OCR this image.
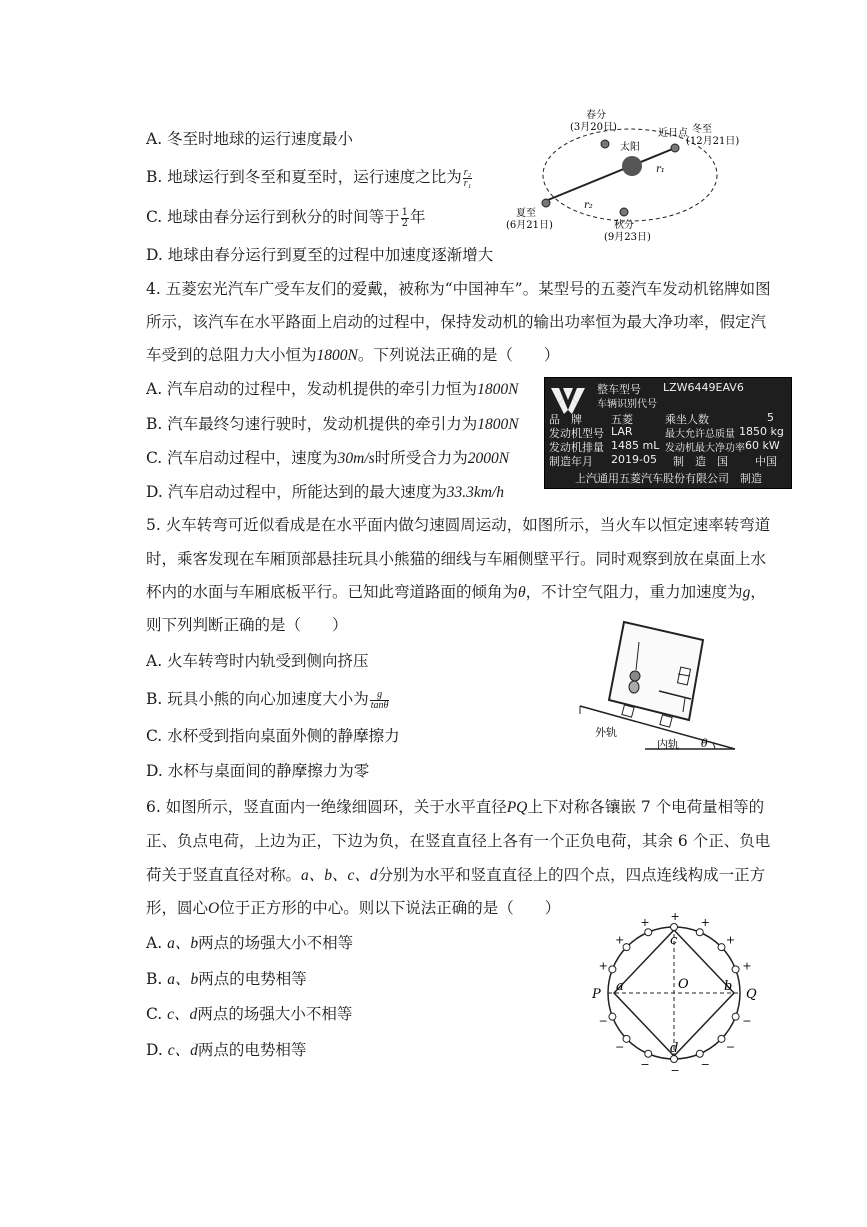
A. 冬至时地球的运行速度最小
B. 地球运行到冬至和夏至时，运行速度之比为 $\frac{\text{r₂}}{\text{r₁}}$
C. 地球由春分运行到秋分的时间等于 $\frac{1}{2}$ 年
D. 地球由春分运行到夏至的过程中加速度逐渐增大
春分
(3月20日)
太阳
近日点 冬至
(12月21日)
夏至
(6月21日)	秋分
(9月23日)
r₁
r₂
4. 五菱宏光汽车广受车友们的爱戴，被称为“中国神车”。某型号的五菱汽车发动机铭牌如图
所示，该汽车在水平路面上启动的过程中，保持发动机的输出功率恒为最大净功率，假定汽
车受到的总阻力大小恒为1800N。下列说法正确的是（　　）
A. 汽车启动的过程中，发动机提供的牵引力恒为1800N
B. 汽车最终匀速行驶时，发动机提供的牵引力为1800N
C. 汽车启动过程中，速度为30m/s时所受合力为2000N
D. 汽车启动过程中，所能达到的最大速度为33.3km/h
整车型号 LZW6449EAV6
车辆识别代号
品　牌	五菱	乘坐人数	5
发动机型号 LAR	最大允许总质量 1850 kg
发动机排量 1485 mL 发动机最大净功率 60 kW
制造年月 2019-05 制　造　国 中国
上汽通用五菱汽车股份有限公司　制造
5. 火车转弯可近似看成是在水平面内做匀速圆周运动，如图所示，当火车以恒定速率转弯道
时，乘客发现在车厢顶部悬挂玩具小熊猫的细线与车厢侧壁平行。同时观察到放在桌面上水
杯内的水面与车厢底板平行。已知此弯道路面的倾角为θ，不计空气阻力，重力加速度为g，
则下列判断正确的是（　　）
A. 火车转弯时内轨受到侧向挤压
B. 玩具小熊的向心加速度大小为 $\frac{g}{\tan\theta}$
C. 水杯受到指向桌面外侧的静摩擦力
D. 水杯与桌面间的静摩擦力为零
外轨
内轨 θ
6. 如图所示，竖直面内一绝缘细圆环，关于水平直径PQ上下对称各镶嵌 7 个电荷量相等的
正、负点电荷，上边为正，下边为负，在竖直直径上各有一个正负电荷，其余 6 个正、负电
荷关于竖直直径对称。a、b、c、d分别为水平和竖直直径上的四个点，四点连线构成一正方
形，圆心O位于正方形的中心。则以下说法正确的是（　　）
A. a、b两点的场强大小不相等
B. a、b两点的电势相等
C. c、d两点的场强大小不相等
D. c、d两点的电势相等
+ +
+
+
+
+
+
− −
−
−
−
−
−
P	Q
O
a	b
c
d
